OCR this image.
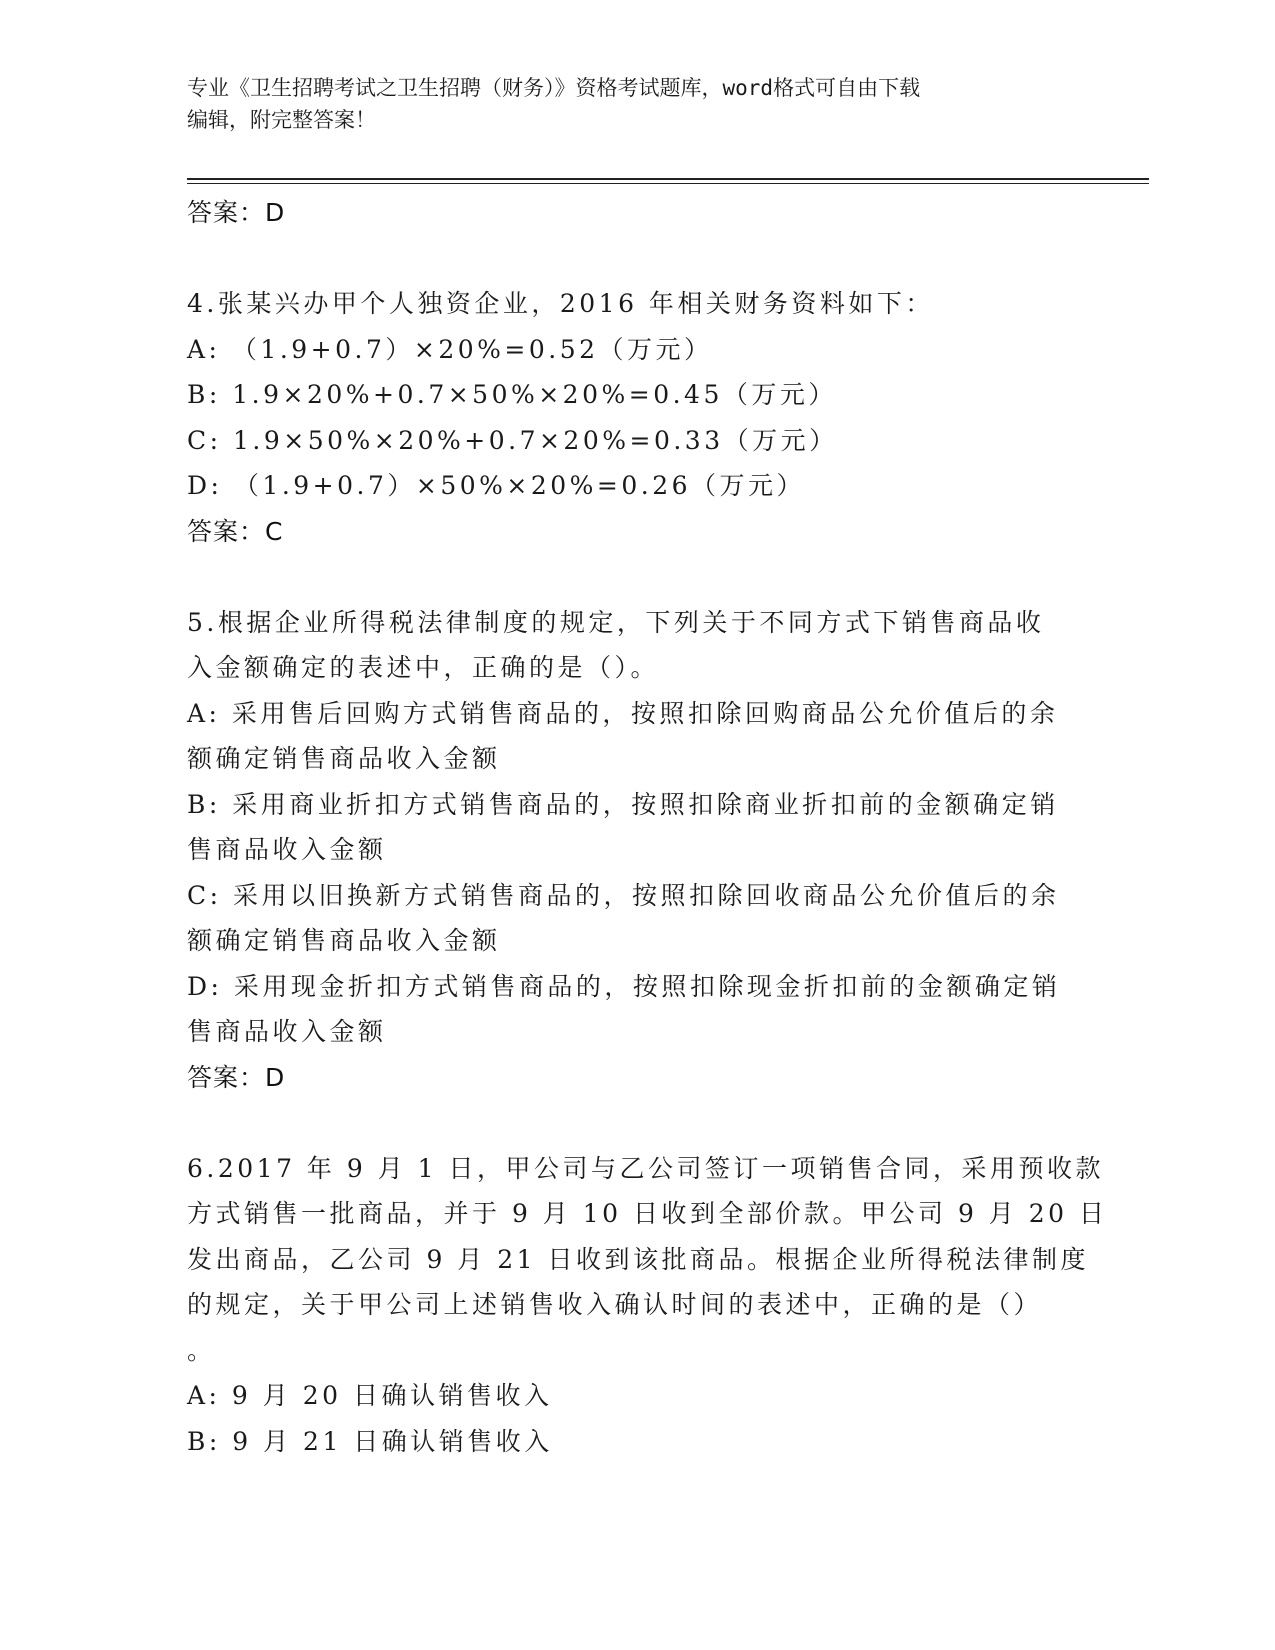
专业《卫生招聘考试之卫生招聘（财务）》资格考试题库，word格式可自由下载
编辑，附完整答案！
答案：D
4.张某兴办甲个人独资企业，2016 年相关财务资料如下：
A: （1.9+0.7）×20%=0.52（万元）
B: 1.9×20%+0.7×50%×20%=0.45（万元）
C: 1.9×50%×20%+0.7×20%=0.33（万元）
D: （1.9+0.7）×50%×20%=0.26（万元）
答案：C
5.根据企业所得税法律制度的规定，下列关于不同方式下销售商品收
入金额确定的表述中，正确的是（）。
A: 采用售后回购方式销售商品的，按照扣除回购商品公允价值后的余
额确定销售商品收入金额
B: 采用商业折扣方式销售商品的，按照扣除商业折扣前的金额确定销
售商品收入金额
C: 采用以旧换新方式销售商品的，按照扣除回收商品公允价值后的余
额确定销售商品收入金额
D: 采用现金折扣方式销售商品的，按照扣除现金折扣前的金额确定销
售商品收入金额
答案：D
6.2017 年 9 月 1 日，甲公司与乙公司签订一项销售合同，采用预收款
方式销售一批商品，并于 9 月 10 日收到全部价款。甲公司 9 月 20 日
发出商品，乙公司 9 月 21 日收到该批商品。根据企业所得税法律制度
的规定，关于甲公司上述销售收入确认时间的表述中，正确的是（）
。
A: 9 月 20 日确认销售收入
B: 9 月 21 日确认销售收入
